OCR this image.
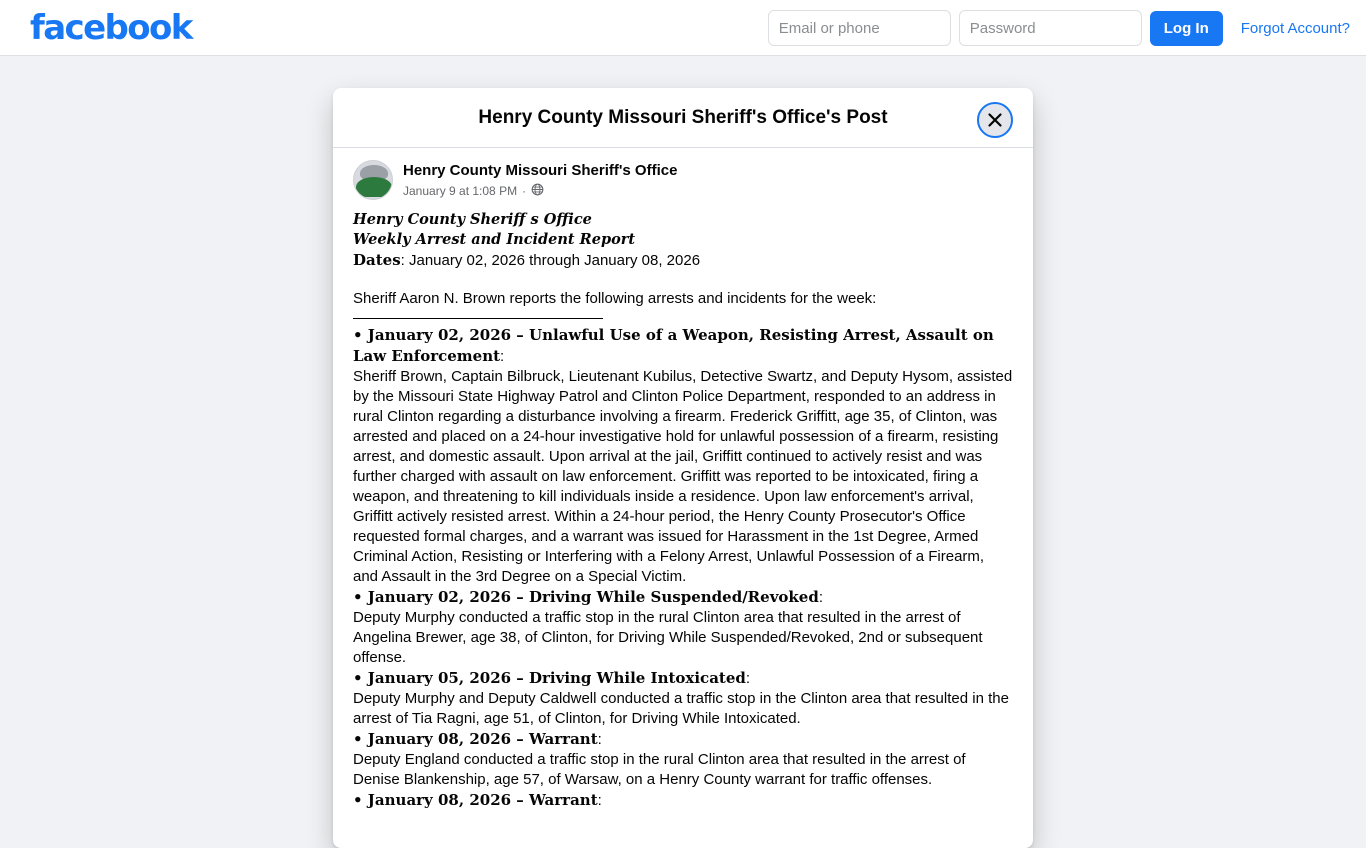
facebook
Email or phone	Log In	Forgot Account?
Henry County Missouri Sheriff's Office's Post
Henry County Missouri Sheriff's Office
January 9 at 1:08 PM ·
Henry County Sheriff s Office
Weekly Arrest and Incident Report
Dates: January 02, 2026 through January 08, 2026
Sheriff Aaron N. Brown reports the following arrests and incidents for the week:
• January 02, 2026 – Unlawful Use of a Weapon, Resisting Arrest, Assault on Law Enforcement:
Sheriff Brown, Captain Bilbruck, Lieutenant Kubilus, Detective Swartz, and Deputy Hysom, assisted by the Missouri State Highway Patrol and Clinton Police Department, responded to an address in rural Clinton regarding a disturbance involving a firearm. Frederick Griffitt, age 35, of Clinton, was arrested and placed on a 24-hour investigative hold for unlawful possession of a firearm, resisting arrest, and domestic assault. Upon arrival at the jail, Griffitt continued to actively resist and was further charged with assault on law enforcement. Griffitt was reported to be intoxicated, firing a weapon, and threatening to kill individuals inside a residence. Upon law enforcement's arrival, Griffitt actively resisted arrest. Within a 24-hour period, the Henry County Prosecutor's Office requested formal charges, and a warrant was issued for Harassment in the 1st Degree, Armed Criminal Action, Resisting or Interfering with a Felony Arrest, Unlawful Possession of a Firearm, and Assault in the 3rd Degree on a Special Victim.
• January 02, 2026 – Driving While Suspended/Revoked:
Deputy Murphy conducted a traffic stop in the rural Clinton area that resulted in the arrest of Angelina Brewer, age 38, of Clinton, for Driving While Suspended/Revoked, 2nd or subsequent offense.
• January 05, 2026 – Driving While Intoxicated:
Deputy Murphy and Deputy Caldwell conducted a traffic stop in the Clinton area that resulted in the arrest of Tia Ragni, age 51, of Clinton, for Driving While Intoxicated.
• January 08, 2026 – Warrant:
Deputy England conducted a traffic stop in the rural Clinton area that resulted in the arrest of Denise Blankenship, age 57, of Warsaw, on a Henry County warrant for traffic offenses.
• January 08, 2026 – Warrant:
